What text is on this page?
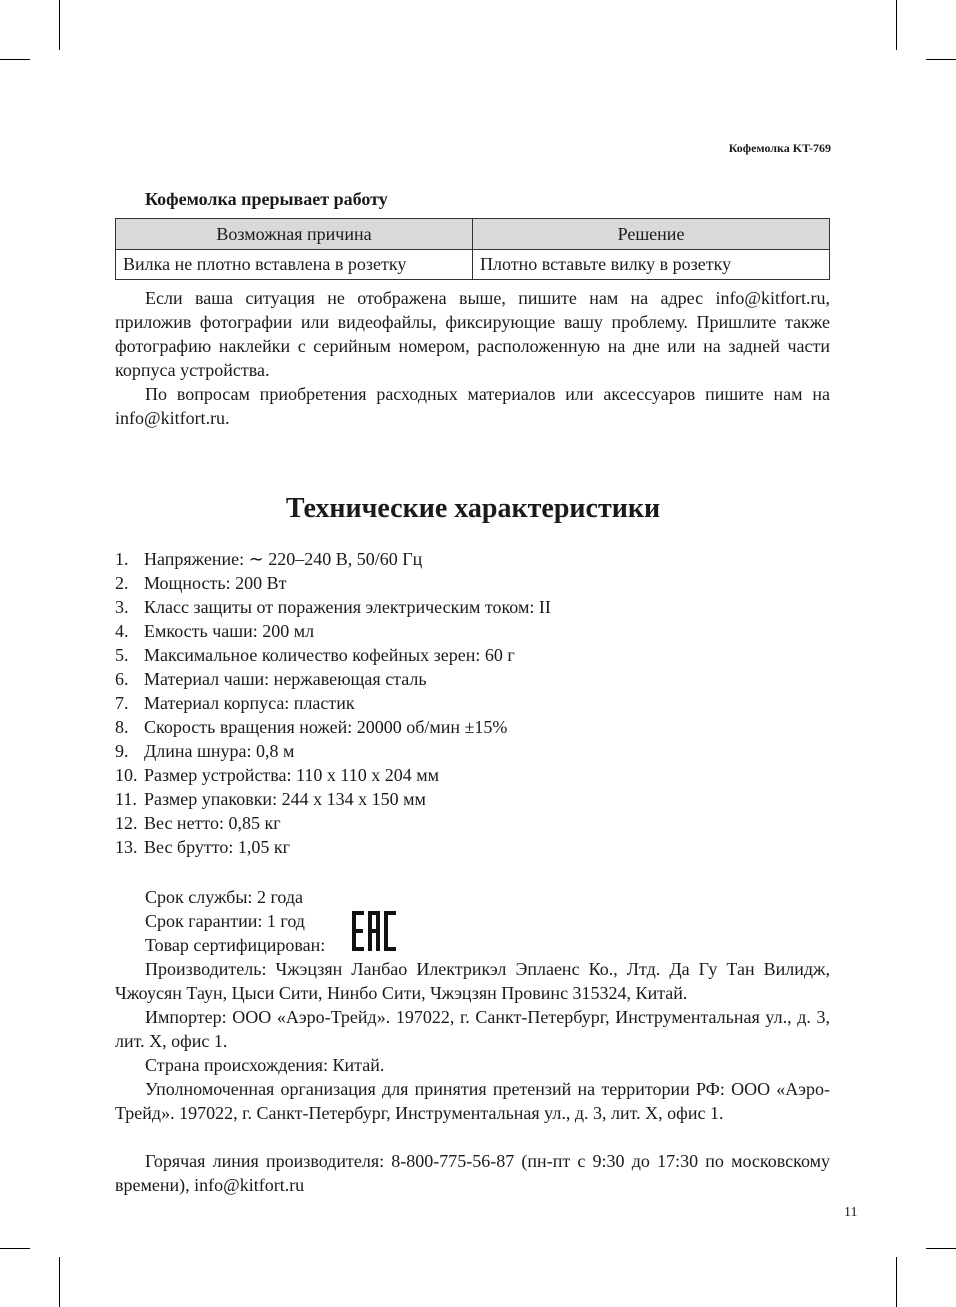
Кофемолка KT-769
Кофемолка прерывает работу
Возможная причина	Решение
Вилка не плотно вставлена в розетку	Плотно вставьте вилку в розетку

Если ваша ситуация не отображена выше, пишите нам на адрес info@kitfort.ru, приложив фотографии или видеофайлы, фиксирующие вашу проблему. Пришлите также фотографию наклейки с серийным номером, расположенную на дне или на задней части корпуса устройства.

По вопросам приобретения расходных материалов или аксессуаров пишите нам на info@kitfort.ru.

Технические характеристики
1. Напряжение: ∼ 220–240 В, 50/60 Гц
2. Мощность: 200 Вт
3. Класс защиты от поражения электрическим током: II
4. Емкость чаши: 200 мл
5. Максимальное количество кофейных зерен: 60 г
6. Материал чаши: нержавеющая сталь
7. Материал корпуса: пластик
8. Скорость вращения ножей: 20000 об/мин ±15%
9. Длина шнура: 0,8 м
10. Размер устройства: 110 х 110 х 204 мм
11. Размер упаковки: 244 х 134 х 150 мм
12. Вес нетто: 0,85 кг
13. Вес брутто: 1,05 кг

Срок службы: 2 года

Срок гарантии: 1 год

Товар сертифицирован:

Производитель: Чжэцзян Ланбао Илектрикэл Эплаенс Ко., Лтд. Да Гу Тан Вилидж, Чжоусян Таун, Цыси Сити, Нинбо Сити, Чжэцзян Провинс 315324, Китай.

Импортер: ООО «Аэро-Трейд». 197022, г. Санкт-Петербург, Инструментальная ул., д. 3, лит. Х, офис 1.

Страна происхождения: Китай.

Уполномоченная организация для принятия претензий на территории РФ: ООО «Аэро-Трейд». 197022, г. Санкт-Петербург, Инструментальная ул., д. 3, лит. Х, офис 1.

Горячая линия производителя: 8-800-775-56-87 (пн-пт с 9:30 до 17:30 по московскому времени), info@kitfort.ru

11
